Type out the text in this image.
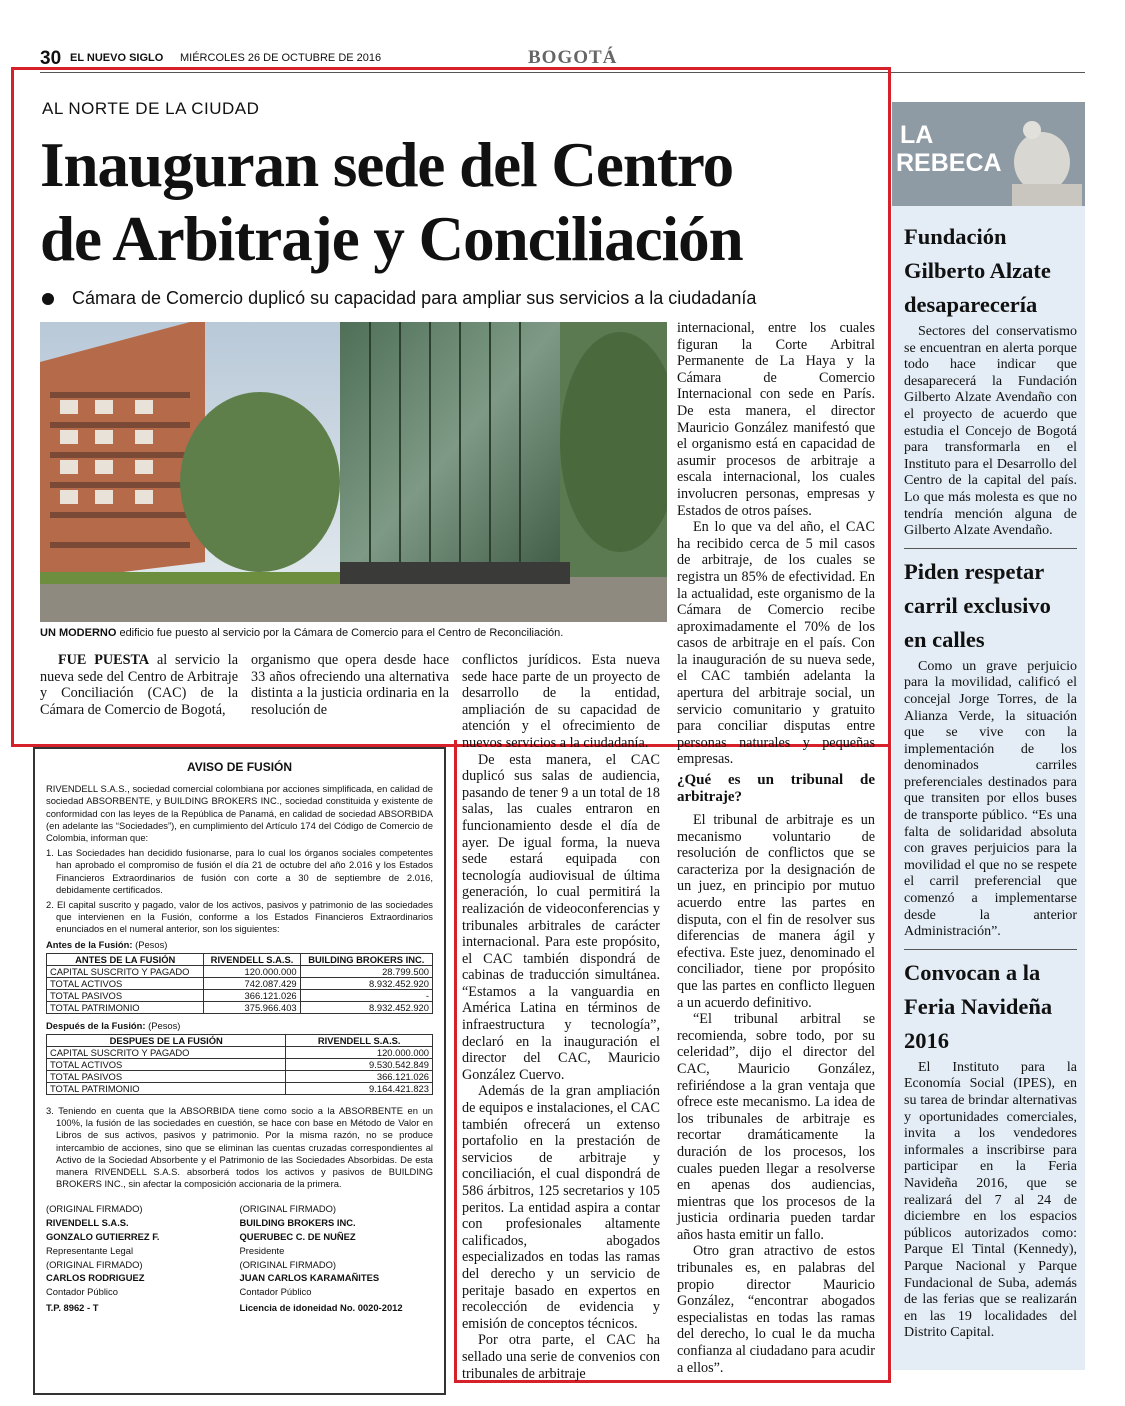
30 EL NUEVO SIGLO MIÉRCOLES 26 DE OCTUBRE DE 2016	BOGOTÁ
AL NORTE DE LA CIUDAD
Inauguran sede del Centro
de Arbitraje y Conciliación
Cámara de Comercio duplicó su capacidad para ampliar sus servicios a la ciudadanía
UN MODERNO edificio fue puesto al servicio por la Cámara de Comercio para el Centro de Reconciliación.

FUE PUESTA al servicio la nueva sede del Centro de Arbitraje y Conciliación (CAC) de la Cámara de Comercio de Bogotá,

organismo que opera desde hace 33 años ofreciendo una alternativa distinta a la justicia ordinaria en la resolución de

conflictos jurídicos. Esta nueva sede hace parte de un proyecto de desarrollo de la entidad, ampliación de su capacidad de atención y el ofrecimiento de nuevos servicios a la ciudadanía.

De esta manera, el CAC duplicó sus salas de audiencia, pasando de tener 9 a un total de 18 salas, las cuales entraron en funcionamiento desde el día de ayer. De igual forma, la nueva sede estará equipada con tecnología audiovisual de última generación, lo cual permitirá la realización de videoconferencias y tribunales arbitrales de carácter internacional. Para este propósito, el CAC también dispondrá de cabinas de traducción simultánea. “Estamos a la vanguardia en América Latina en términos de infraestructura y tecnología”, declaró en la inauguración el director del CAC, Mauricio González Cuervo.

Además de la gran ampliación de equipos e instalaciones, el CAC también ofrecerá un extenso portafolio en la prestación de servicios de arbitraje y conciliación, el cual dispondrá de 586 árbitros, 125 secretarios y 105 peritos. La entidad aspira a contar con profesionales altamente calificados, abogados especializados en todas las ramas del derecho y un servicio de peritaje basado en expertos en recolección de evidencia y emisión de conceptos técnicos.

Por otra parte, el CAC ha sellado una serie de convenios con tribunales de arbitraje

internacional, entre los cuales figuran la Corte Arbitral Permanente de La Haya y la Cámara de Comercio Internacional con sede en París. De esta manera, el director Mauricio González manifestó que el organismo está en capacidad de asumir procesos de arbitraje a escala internacional, los cuales involucren personas, empresas y Estados de otros países.

En lo que va del año, el CAC ha recibido cerca de 5 mil casos de arbitraje, de los cuales se registra un 85% de efectividad. En la actualidad, este organismo de la Cámara de Comercio recibe aproximadamente el 70% de los casos de arbitraje en el país. Con la inauguración de su nueva sede, el CAC también adelanta la apertura del arbitraje social, un servicio comunitario y gratuito para conciliar disputas entre personas naturales y pequeñas empresas.

¿Qué es un tribunal de arbitraje?

El tribunal de arbitraje es un mecanismo voluntario de resolución de conflictos que se caracteriza por la designación de un juez, en principio por mutuo acuerdo entre las partes en disputa, con el fin de resolver sus diferencias de manera ágil y efectiva. Este juez, denominado el conciliador, tiene por propósito que las partes en conflicto lleguen a un acuerdo definitivo.

“El tribunal arbitral se recomienda, sobre todo, por su celeridad”, dijo el director del CAC, Mauricio González, refiriéndose a la gran ventaja que ofrece este mecanismo. La idea de los tribunales de arbitraje es recortar dramáticamente la duración de los procesos, los cuales pueden llegar a resolverse en apenas dos audiencias, mientras que los procesos de la justicia ordinaria pueden tardar años hasta emitir un fallo.

Otro gran atractivo de estos tribunales es, en palabras del propio director Mauricio González, “encontrar abogados especialistas en todas las ramas del derecho, lo cual le da mucha confianza al ciudadano para acudir a ellos”.

AVISO DE FUSIÓN

RIVENDELL S.A.S., sociedad comercial colombiana por acciones simplificada, en calidad de sociedad ABSORBENTE, y BUILDING BROKERS INC., sociedad constituida y existente de conformidad con las leyes de la República de Panamá, en calidad de sociedad ABSORBIDA (en adelante las “Sociedades”), en cumplimiento del Artículo 174 del Código de Comercio de Colombia, informan que:

1. Las Sociedades han decidido fusionarse, para lo cual los órganos sociales competentes han aprobado el compromiso de fusión el día 21 de octubre del año 2.016 y los Estados Financieros Extraordinarios de fusión con corte a 30 de septiembre de 2.016, debidamente certificados.

2. El capital suscrito y pagado, valor de los activos, pasivos y patrimonio de las sociedades que intervienen en la Fusión, conforme a los Estados Financieros Extraordinarios enunciados en el numeral anterior, son los siguientes:

Antes de la Fusión: (Pesos)
ANTES DE LA FUSIÓN	RIVENDELL S.A.S.	BUILDING BROKERS INC.
CAPITAL SUSCRITO Y PAGADO	120.000.000	28.799.500
TOTAL ACTIVOS	742.087.429	8.932.452.920
TOTAL PASIVOS	366.121.026	-
TOTAL PATRIMONIO	375.966.403	8.932.452.920
Después de la Fusión: (Pesos)
DESPUES DE LA FUSIÓN	RIVENDELL S.A.S.
CAPITAL SUSCRITO Y PAGADO	120.000.000
TOTAL ACTIVOS	9.530.542.849
TOTAL PASIVOS	366.121.026
TOTAL PATRIMONIO	9.164.421.823

3. Teniendo en cuenta que la ABSORBIDA tiene como socio a la ABSORBENTE en un 100%, la fusión de las sociedades en cuestión, se hace con base en Método de Valor en Libros de sus activos, pasivos y patrimonio. Por la misma razón, no se produce intercambio de acciones, sino que se eliminan las cuentas cruzadas correspondientes al Activo de la Sociedad Absorbente y el Patrimonio de las Sociedades Absorbidas. De esta manera RIVENDELL S.A.S. absorberá todos los activos y pasivos de BUILDING BROKERS INC., sin afectar la composición accionaria de la primera.

(ORIGINAL FIRMADO)
RIVENDELL S.A.S.
GONZALO GUTIERREZ F.
Representante Legal
(ORIGINAL FIRMADO)
CARLOS RODRIGUEZ
Contador Público
T.P. 8962 - T
(ORIGINAL FIRMADO)
BUILDING BROKERS INC.
QUERUBEC C. DE NUÑEZ
Presidente
(ORIGINAL FIRMADO)
JUAN CARLOS KARAMAÑITES
Contador Público
Licencia de idoneidad No. 0020-2012
LA
REBECA
Fundación Gilberto Alzate desaparecería

Sectores del conservatismo se encuentran en alerta porque todo hace indicar que desaparecerá la Fundación Gilberto Alzate Avendaño con el proyecto de acuerdo que estudia el Concejo de Bogotá para transformarla en el Instituto para el Desarrollo del Centro de la capital del país. Lo que más molesta es que no tendría mención alguna de Gilberto Alzate Avendaño.

Piden respetar carril exclusivo en calles

Como un grave perjuicio para la movilidad, calificó el concejal Jorge Torres, de la Alianza Verde, la situación que se vive con la implementación de los denominados carriles preferenciales destinados para que transiten por ellos buses de transporte público. “Es una falta de solidaridad absoluta con graves perjuicios para la movilidad el que no se respete el carril preferencial que comenzó a implementarse desde la anterior Administración”.

Convocan a la Feria Navideña 2016

El Instituto para la Economía Social (IPES), en su tarea de brindar alternativas y oportunidades comerciales, invita a los vendedores informales a inscribirse para participar en la Feria Navideña 2016, que se realizará del 7 al 24 de diciembre en los espacios públicos autorizados como: Parque El Tintal (Kennedy), Parque Nacional y Parque Fundacional de Suba, además de las ferias que se realizarán en las 19 localidades del Distrito Capital.
